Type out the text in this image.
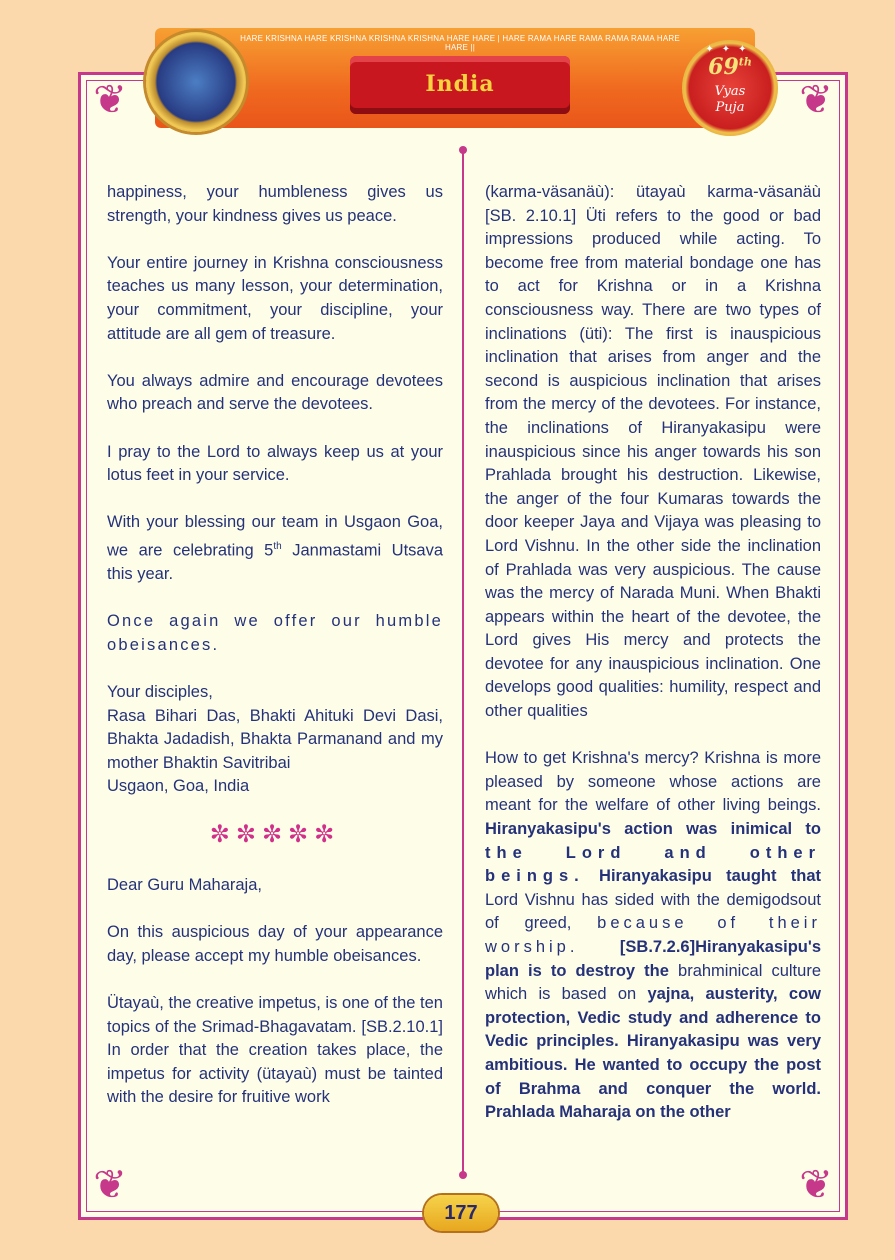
❦	❦
❦	❦
HARE KRISHNA HARE KRISHNA KRISHNA KRISHNA HARE HARE | HARE RAMA HARE RAMA RAMA RAMA HARE HARE ||
India
✦✦✦
69th
Vyas
Puja

happiness, your humbleness gives us strength, your kindness gives us peace.

Your entire journey in Krishna consciousness teaches us many lesson, your determination, your commitment, your discipline, your attitude are all gem of treasure.

You always admire and encourage devotees who preach and serve the devotees.

I pray to the Lord to always keep us at your lotus feet in your service.

With your blessing our team in Usgaon Goa, we are celebrating 5th Janmastami Utsava this year.

Once again we offer our humble obeisances.

Your disciples,

Rasa Bihari Das, Bhakti Ahituki Devi Dasi, Bhakta Jadadish, Bhakta Parmanand and my mother Bhaktin Savitribai

Usgaon, Goa, India

✼✼✼✼✼

Dear Guru Maharaja,

On this auspicious day of your appearance day, please accept my humble obeisances.

Ütayaù, the creative impetus, is one of the ten topics of the Srimad-Bhagavatam. [SB.2.10.1] In order that the creation takes place, the impetus for activity (ütayaù) must be tainted with the desire for fruitive work

(karma-väsanäù): ütayaù karma-väsanäù [SB. 2.10.1] Üti refers to the good or bad impressions produced while acting. To become free from material bondage one has to act for Krishna or in a Krishna consciousness way. There are two types of inclinations (üti): The first is inauspicious inclination that arises from anger and the second is auspicious inclination that arises from the mercy of the devotees. For instance, the inclinations of Hiranyakasipu were inauspicious since his anger towards his son Prahlada brought his destruction. Likewise, the anger of the four Kumaras towards the door keeper Jaya and Vijaya was pleasing to Lord Vishnu. In the other side the inclination of Prahlada was very auspicious. The cause was the mercy of Narada Muni. When Bhakti appears within the heart of the devotee, the Lord gives His mercy and protects the devotee for any inauspicious inclination. One develops good qualities: humility, respect and other qualities

How to get Krishna's mercy? Krishna is more pleased by someone whose actions are meant for the welfare of other living beings. Hiranyakasipu's action was inimical to the Lord and other beings. Hiranyakasipu taught that Lord Vishnu has sided with the demigodsout of greed, because of their worship. [SB.7.2.6]Hiranyakasipu's plan is to destroy the brahminical culture which is based on yajna, austerity, cow protection, Vedic study and adherence to Vedic principles. Hiranyakasipu was very ambitious. He wanted to occupy the post of Brahma and conquer the world. Prahlada Maharaja on the other

177
